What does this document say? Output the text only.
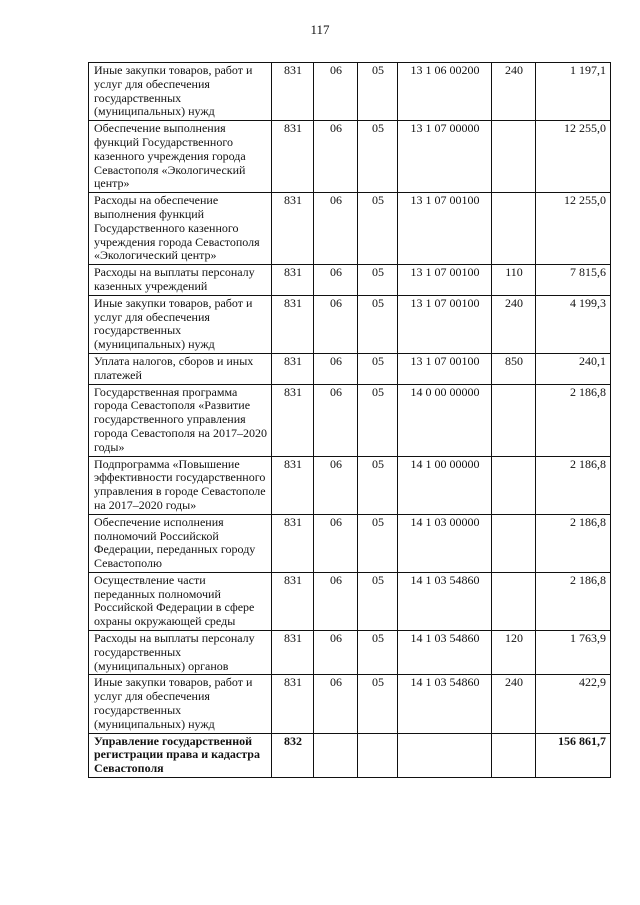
117
Иные закупки товаров, работ и услуг для обеспечения государственных (муниципальных) нужд	831	06	05	13 1 06 00200	240	1 197,1
Обеспечение выполнения функций Государственного казенного учреждения города Севастополя «Экологический центр»	831	06	05	13 1 07 00000		12 255,0
Расходы на обеспечение выполнения функций Государственного казенного учреждения города Севастополя «Экологический центр»	831	06	05	13 1 07 00100		12 255,0
Расходы на выплаты персоналу казенных учреждений	831	06	05	13 1 07 00100	110	7 815,6
Иные закупки товаров, работ и услуг для обеспечения государственных (муниципальных) нужд	831	06	05	13 1 07 00100	240	4 199,3
Уплата налогов, сборов и иных платежей	831	06	05	13 1 07 00100	850	240,1
Государственная программа города Севастополя «Развитие государственного управления города Севастополя на 2017–2020 годы»	831	06	05	14 0 00 00000		2 186,8
Подпрограмма «Повышение эффективности государственного управления в городе Севастополе на 2017–2020 годы»	831	06	05	14 1 00 00000		2 186,8
Обеспечение исполнения полномочий Российской Федерации, переданных городу Севастополю	831	06	05	14 1 03 00000		2 186,8
Осуществление части переданных полномочий Российской Федерации в сфере охраны окружающей среды	831	06	05	14 1 03 54860		2 186,8
Расходы на выплаты персоналу государственных (муниципальных) органов	831	06	05	14 1 03 54860	120	1 763,9
Иные закупки товаров, работ и услуг для обеспечения государственных (муниципальных) нужд	831	06	05	14 1 03 54860	240	422,9
Управление государственной регистрации права и кадастра Севастополя	832					156 861,7
